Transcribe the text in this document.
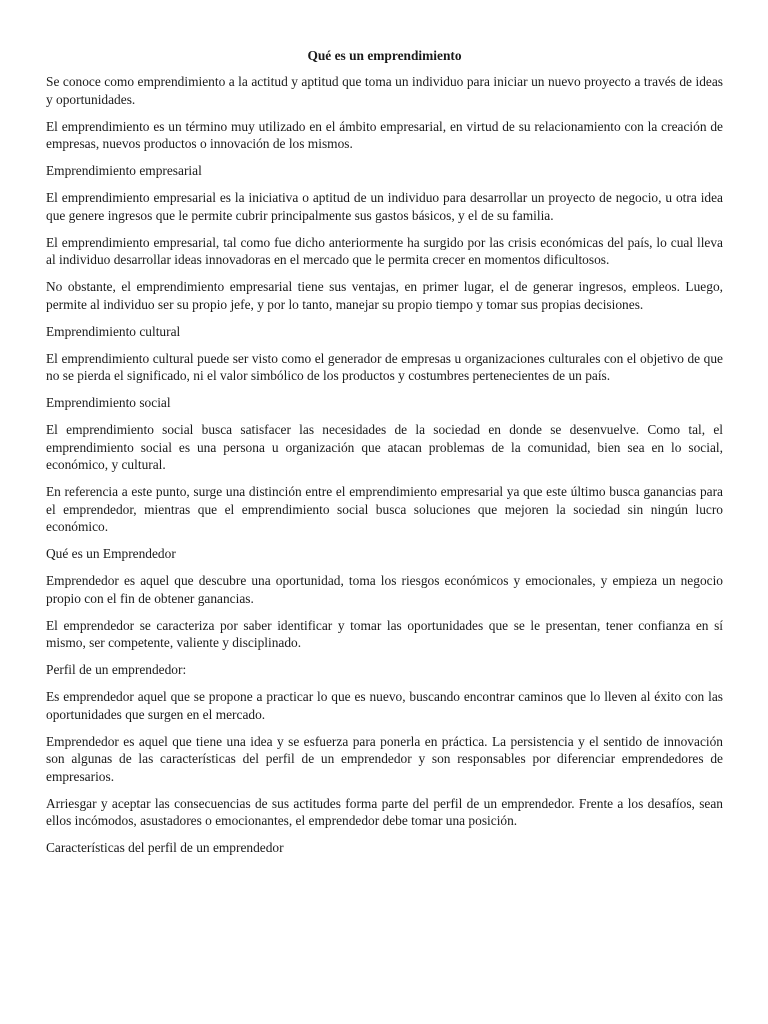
Qué es un emprendimiento
Se conoce como emprendimiento a la actitud y aptitud que toma un individuo para iniciar un nuevo proyecto a través de ideas y oportunidades.
El emprendimiento es un término muy utilizado en el ámbito empresarial, en virtud de su relacionamiento con la creación de empresas, nuevos productos o innovación de los mismos.
Emprendimiento empresarial
El emprendimiento empresarial es la iniciativa o aptitud de un individuo para desarrollar un proyecto de negocio, u otra idea que genere ingresos que le permite cubrir principalmente sus gastos básicos, y el de su familia.
El emprendimiento empresarial, tal como fue dicho anteriormente ha surgido por las crisis económicas del país, lo cual lleva al individuo desarrollar ideas innovadoras en el mercado que le permita crecer en momentos dificultosos.
No obstante, el emprendimiento empresarial tiene sus ventajas, en primer lugar, el de generar ingresos, empleos. Luego, permite al individuo ser su propio jefe, y por lo tanto, manejar su propio tiempo y tomar sus propias decisiones.
Emprendimiento cultural
El emprendimiento cultural puede ser visto como el generador de empresas u organizaciones culturales con el objetivo de que no se pierda el significado, ni el valor simbólico de los productos y costumbres pertenecientes de un país.
Emprendimiento social
El emprendimiento social busca satisfacer las necesidades de la sociedad en donde se desenvuelve. Como tal, el emprendimiento social es una persona u organización que atacan problemas de la comunidad, bien sea en lo social, económico, y cultural.
En referencia a este punto, surge una distinción entre el emprendimiento empresarial ya que este último busca ganancias para el emprendedor, mientras que el emprendimiento social busca soluciones que mejoren la sociedad sin ningún lucro económico.
Qué es un Emprendedor
Emprendedor es aquel que descubre una oportunidad, toma los riesgos económicos y emocionales, y empieza un negocio propio con el fin de obtener ganancias.
El emprendedor se caracteriza por saber identificar y tomar las oportunidades que se le presentan, tener confianza en sí mismo, ser competente, valiente y disciplinado.
Perfil de un emprendedor:
Es emprendedor aquel que se propone a practicar lo que es nuevo, buscando encontrar caminos que lo lleven al éxito con las oportunidades que surgen en el mercado.
Emprendedor es aquel que tiene una idea y se esfuerza para ponerla en práctica. La persistencia y el sentido de innovación son algunas de las características del perfil de un emprendedor y son responsables por diferenciar emprendedores de empresarios.
Arriesgar y aceptar las consecuencias de sus actitudes forma parte del perfil de un emprendedor. Frente a los desafíos, sean ellos incómodos, asustadores o emocionantes, el emprendedor debe tomar una posición.
Características del perfil de un emprendedor
